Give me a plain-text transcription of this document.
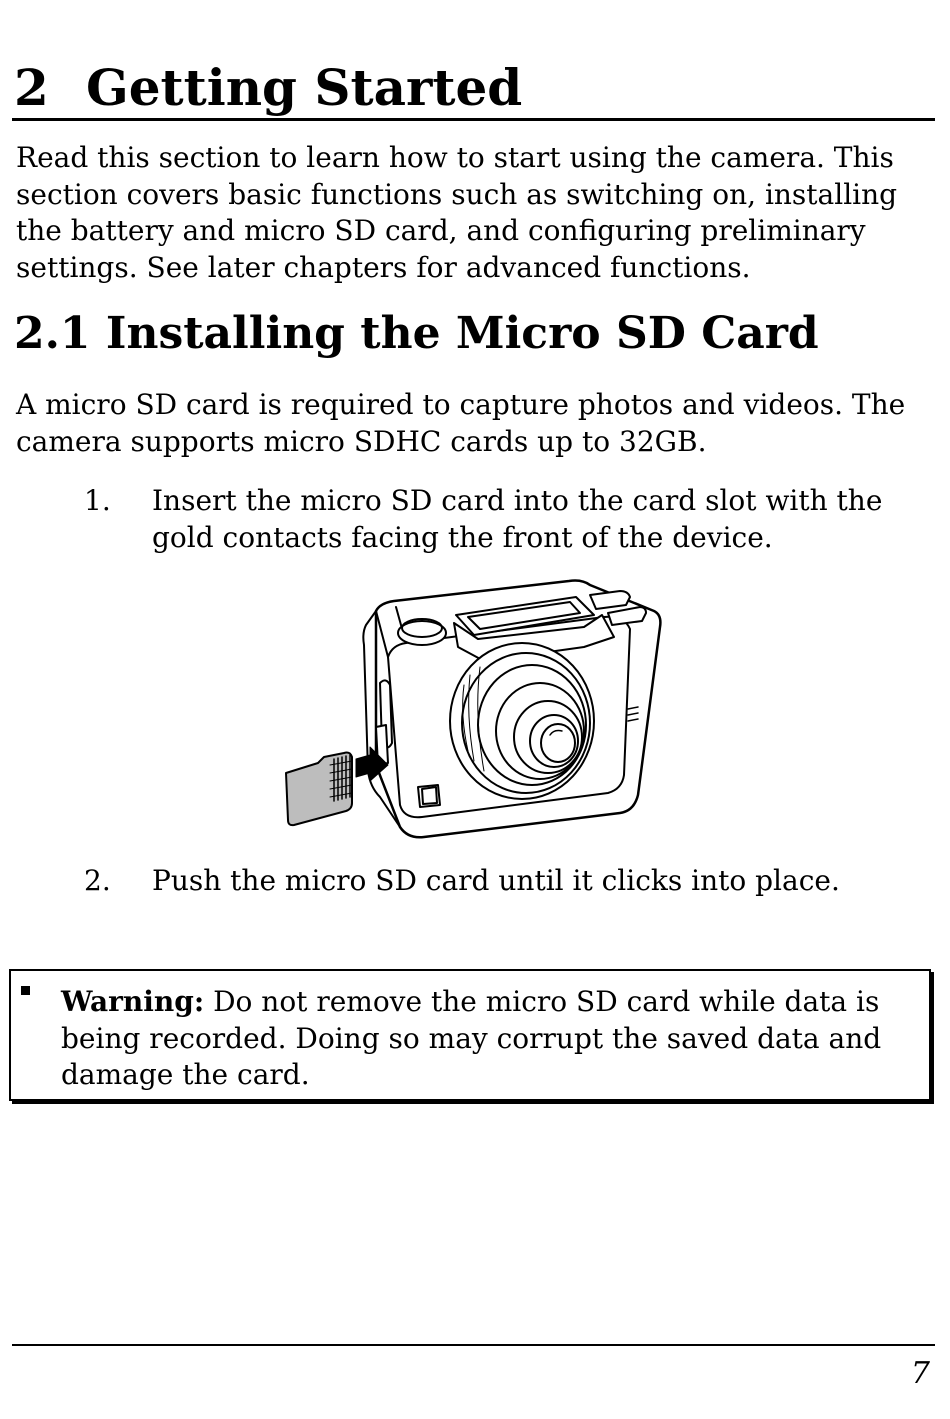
2 Getting Started

Read this section to learn how to start using the camera. This section covers basic functions such as switching on, installing the battery and micro SD card, and configuring preliminary settings. See later chapters for advanced functions.

2.1 Installing the Micro SD Card

A micro SD card is required to capture photos and videos. The camera supports micro SDHC cards up to 32GB.

1. Insert the micro SD card into the card slot with the gold contacts facing the front of the device.
2. Push the micro SD card until it clicks into place.

Warning: Do not remove the micro SD card while data is being recorded. Doing so may corrupt the saved data and damage the card.

7
